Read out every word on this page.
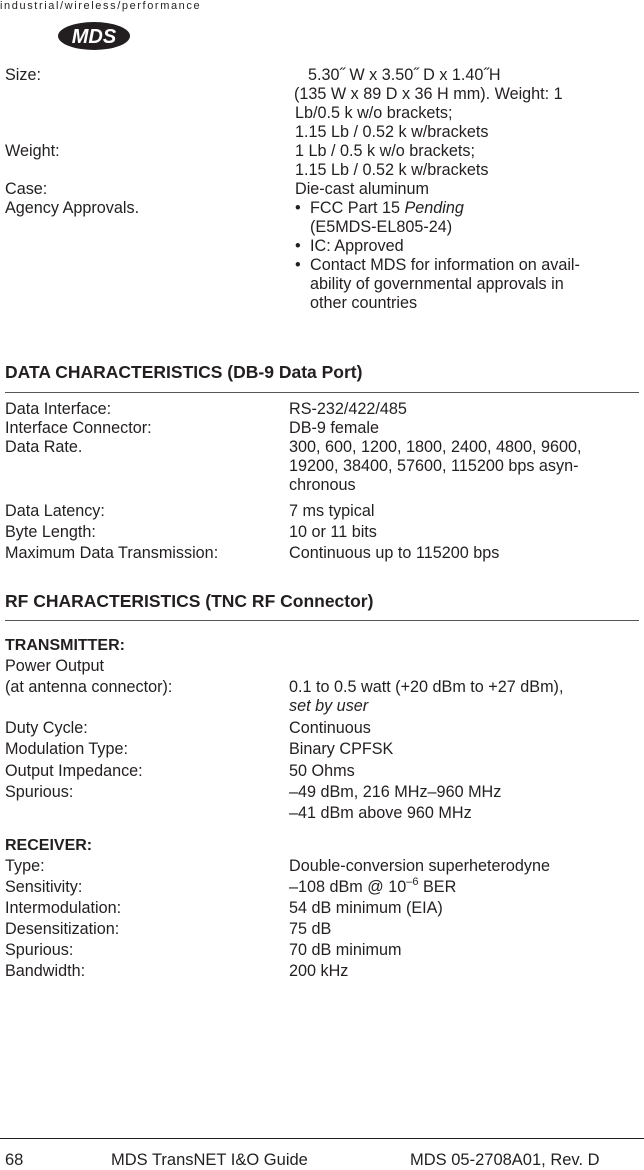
industrial/wireless/performance
MDS
Size:	5.30˝ W x 3.50˝ D x 1.40˝H
(135 W x 89 D x 36 H mm). Weight: 1
Lb/0.5 k w/o brackets;
1.15 Lb / 0.52 k w/brackets
Weight:	1 Lb / 0.5 k w/o brackets;
1.15 Lb / 0.52 k w/brackets
Case:	Die-cast aluminum
Agency Approvals.	• FCC Part 15 Pending
(E5MDS-EL805-24)
• IC: Approved
• Contact MDS for information on avail-
ability of governmental approvals in
other countries
DATA CHARACTERISTICS (DB-9 Data Port)
Data Interface:	RS-232/422/485
Interface Connector:	DB-9 female
Data Rate.	300, 600, 1200, 1800, 2400, 4800, 9600,
19200, 38400, 57600, 115200 bps asyn-
chronous
Data Latency:	7 ms typical
Byte Length:	10 or 11 bits
Maximum Data Transmission:	Continuous up to 115200 bps
RF CHARACTERISTICS (TNC RF Connector)
TRANSMITTER:
Power Output
(at antenna connector):	0.1 to 0.5 watt (+20 dBm to +27 dBm),
set by user
Duty Cycle:	Continuous
Modulation Type:	Binary CPFSK
Output Impedance:	50 Ohms
Spurious:	–49 dBm, 216 MHz–960 MHz
–41 dBm above 960 MHz
RECEIVER:
Type:	Double-conversion superheterodyne
Sensitivity:	–108 dBm @ $10^{-6}$ BER
Intermodulation:	54 dB minimum (EIA)
Desensitization:	75 dB
Spurious:	70 dB minimum
Bandwidth:	200 kHz
68	MDS TransNET I&O Guide	MDS 05-2708A01, Rev. D
